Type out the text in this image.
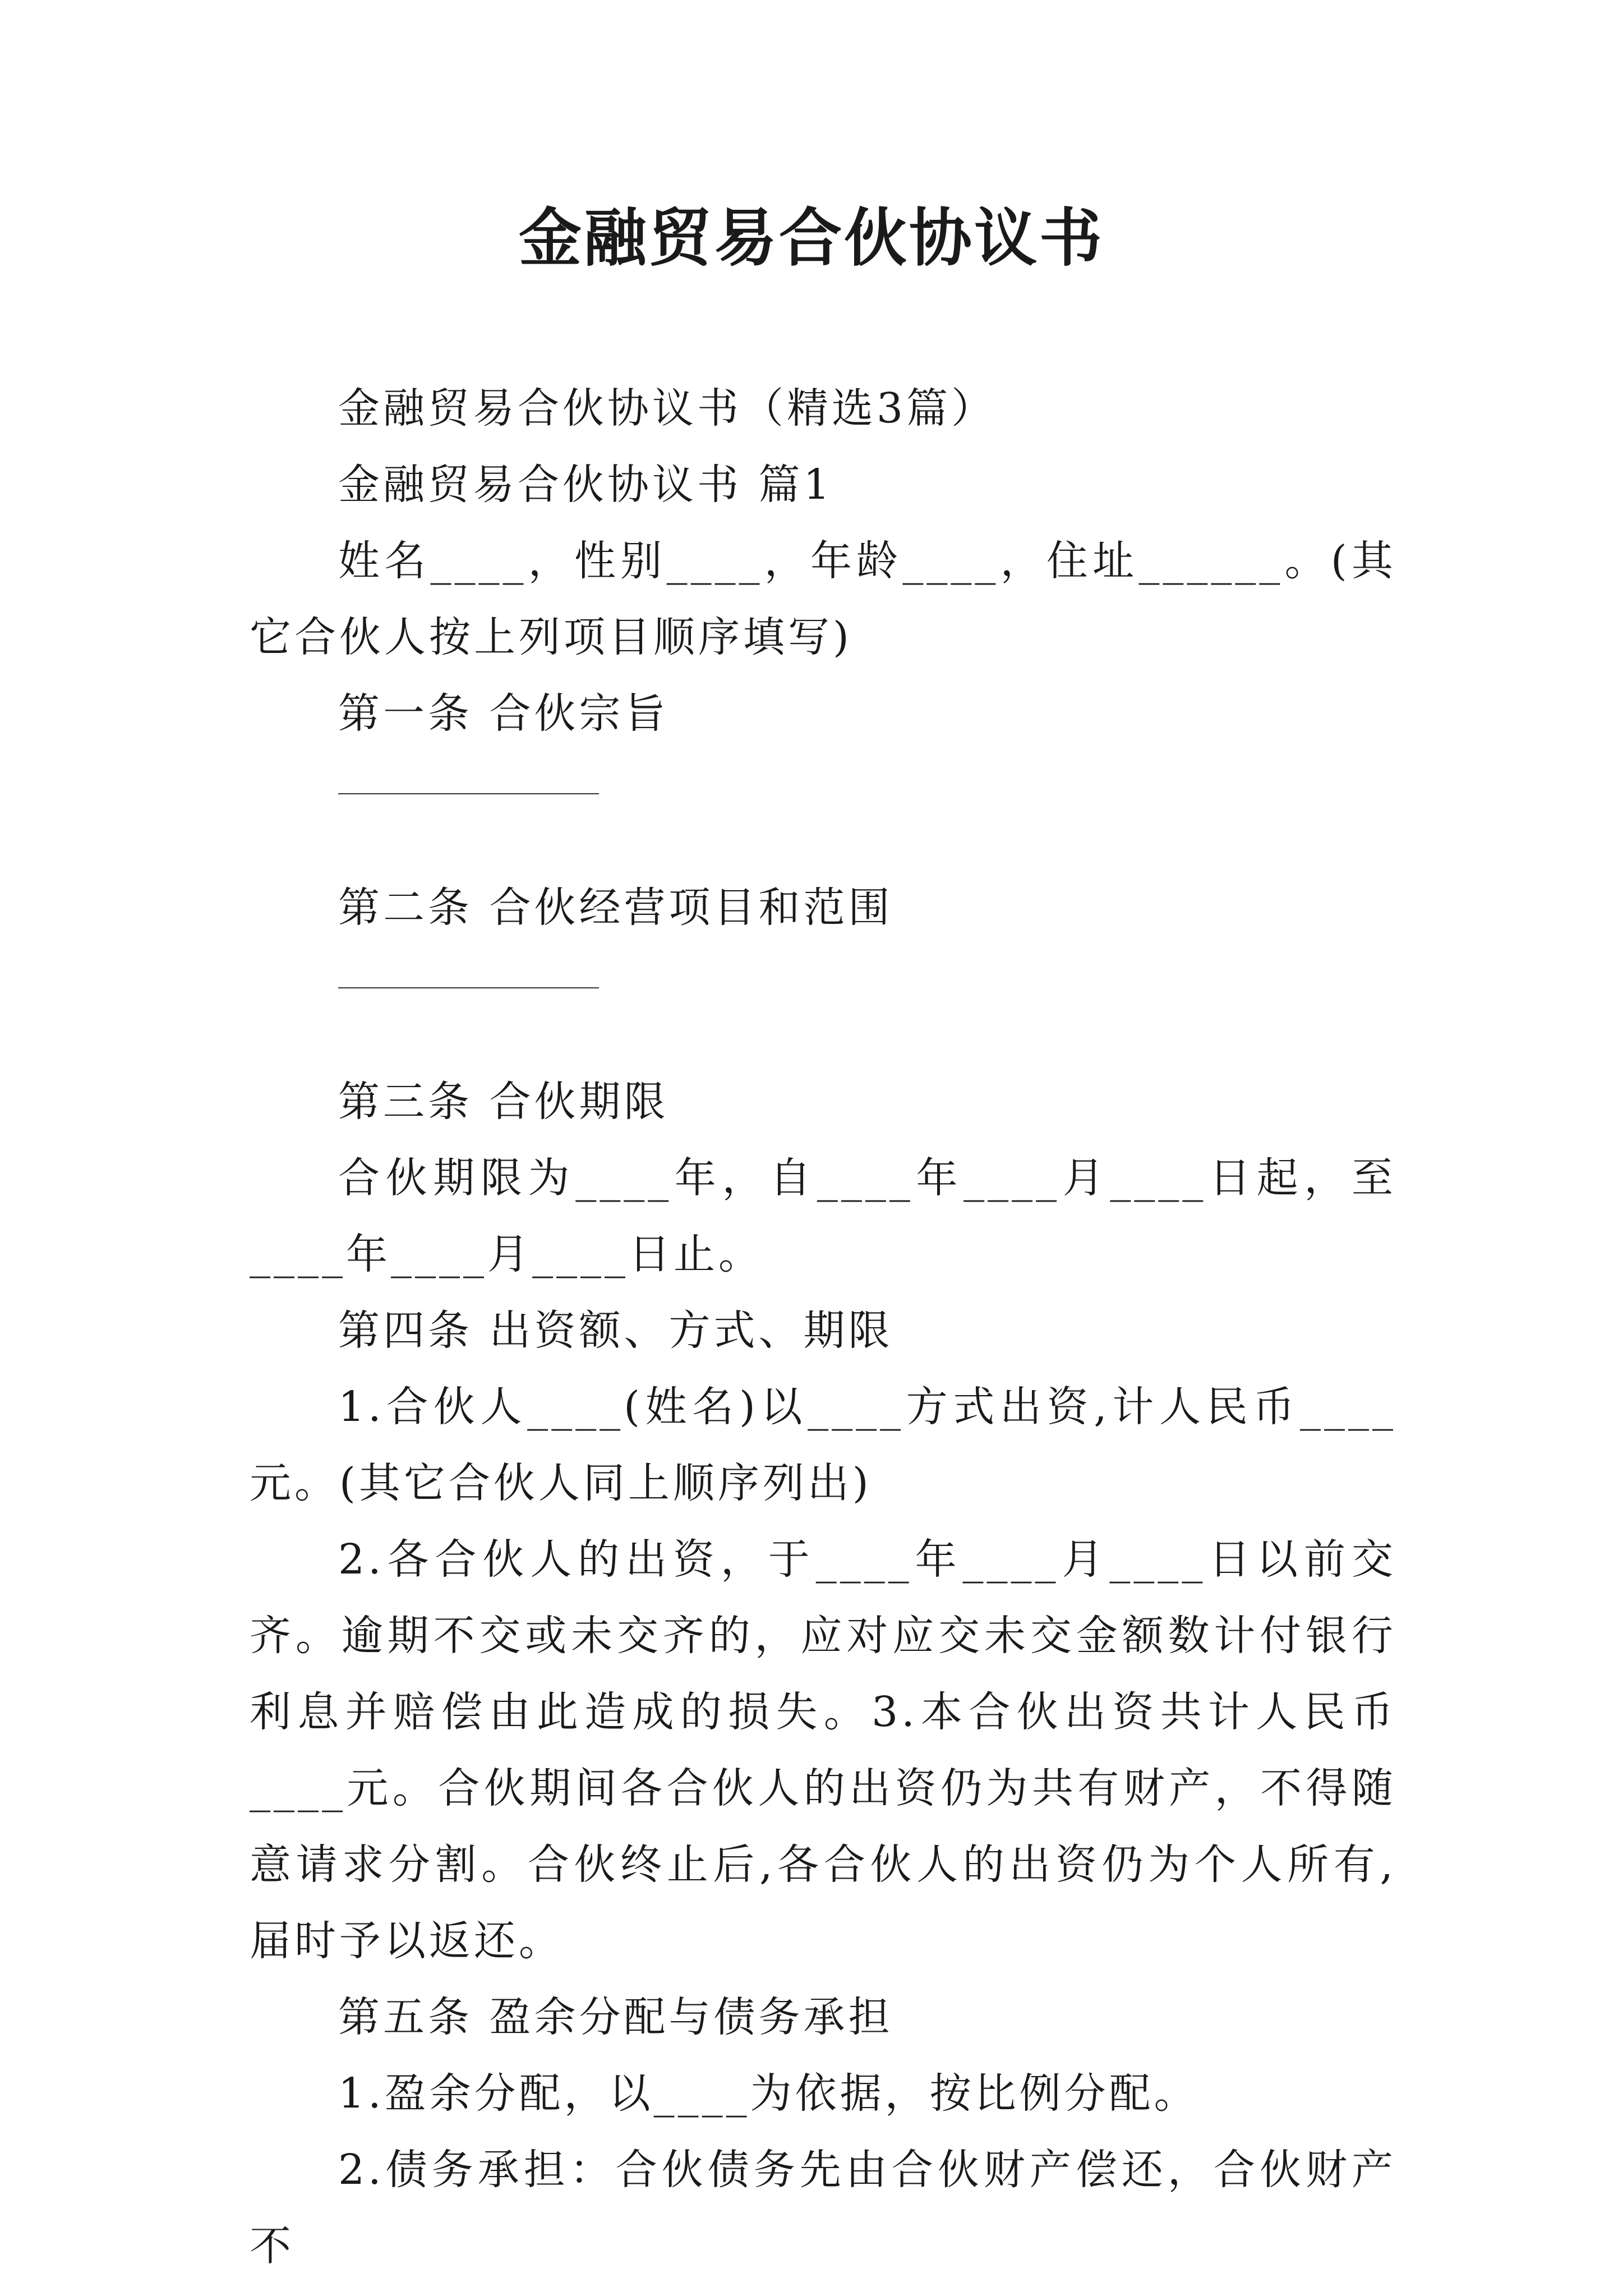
金融贸易合伙协议书

金融贸易合伙协议书（精选3篇）

金融贸易合伙协议书 篇1

姓名____，性别____，年龄____，住址______。(其它合伙人按上列项目顺序填写)

第一条 合伙宗旨

第二条 合伙经营项目和范围

第三条 合伙期限

合伙期限为____年，自____年____月____日起，至____年____月____日止。

第四条 出资额、方式、期限

1.合伙人____(姓名)以____方式出资,计人民币____元。(其它合伙人同上顺序列出)

2.各合伙人的出资，于____年____月____日以前交齐。逾期不交或未交齐的，应对应交未交金额数计付银行利息并赔偿由此造成的损失。3.本合伙出资共计人民币____元。合伙期间各合伙人的出资仍为共有财产，不得随意请求分割。合伙终止后,各合伙人的出资仍为个人所有,届时予以返还。

第五条 盈余分配与债务承担

1.盈余分配，以____为依据，按比例分配。

2.债务承担：合伙债务先由合伙财产偿还，合伙财产不
